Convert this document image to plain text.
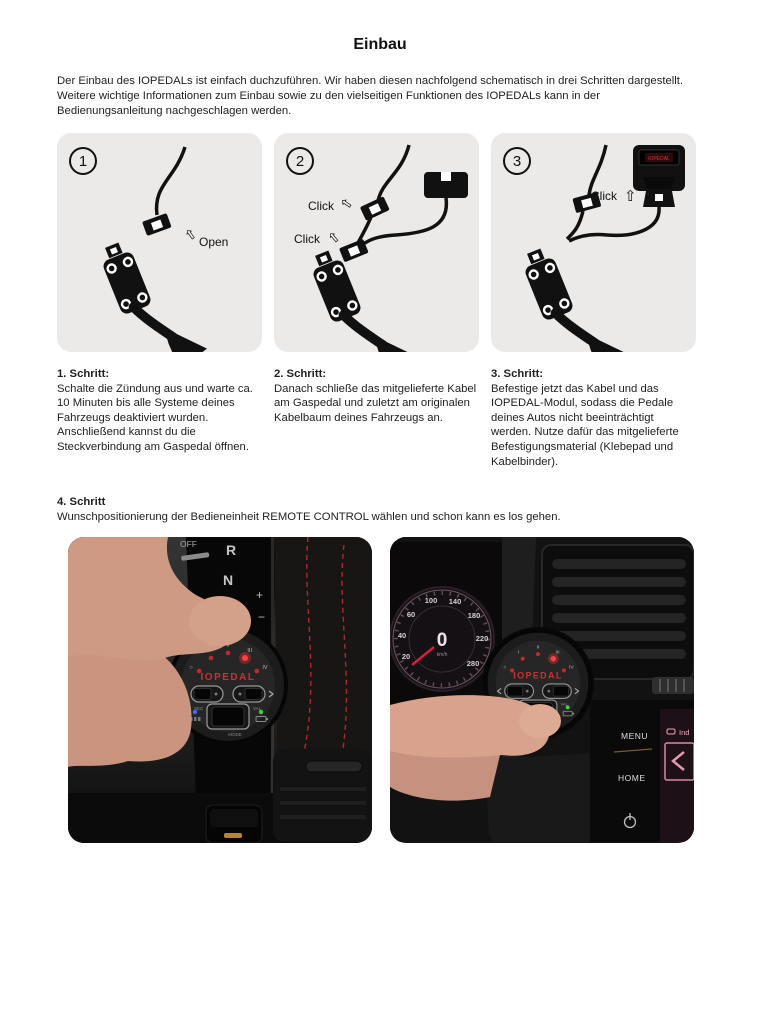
Einbau
Der Einbau des IOPEDALs ist einfach duchzuführen. Wir haben diesen nachfolgend schematisch in drei Schritten dargestellt. Weitere wichtige Informationen zum Einbau sowie zu den vielseitigen Funktionen des IOPEDALs kann in der Bedienungsanleitung nachgeschlagen werden.
1
⇧ Open
2
Click ⇧
Click ⇧
3	IOPEDAL
Click ⇧
1. Schritt:
Schalte die Zündung aus und warte ca. 10 Minuten bis alle Systeme deines Fahrzeugs deaktiviert wurden. Anschließend kannst du die Steckverbindung am Gaspedal öffnen.
2. Schritt:
Danach schließe das mitgelieferte Kabel am Gaspedal und zuletzt am originalen Kabelbaum deines Fahrzeugs an.
3. Schritt:
Befestige jetzt das Kabel und das IOPEDAL-Modul, sodass die Pedale deines Autos nicht beeinträchtigt werden. Nutze dafür das mitgelieferte Befestigungsmaterial (Klebepad und Kabelbinder).
4. Schritt
Wunschpositionierung der Bedieneinheit REMOTE CONTROL wählen und schon kann es los gehen.
OFF R
N
+
−
20
40
60
100 140
180
220
280
0
km/h
MENU
HOME
Ind
